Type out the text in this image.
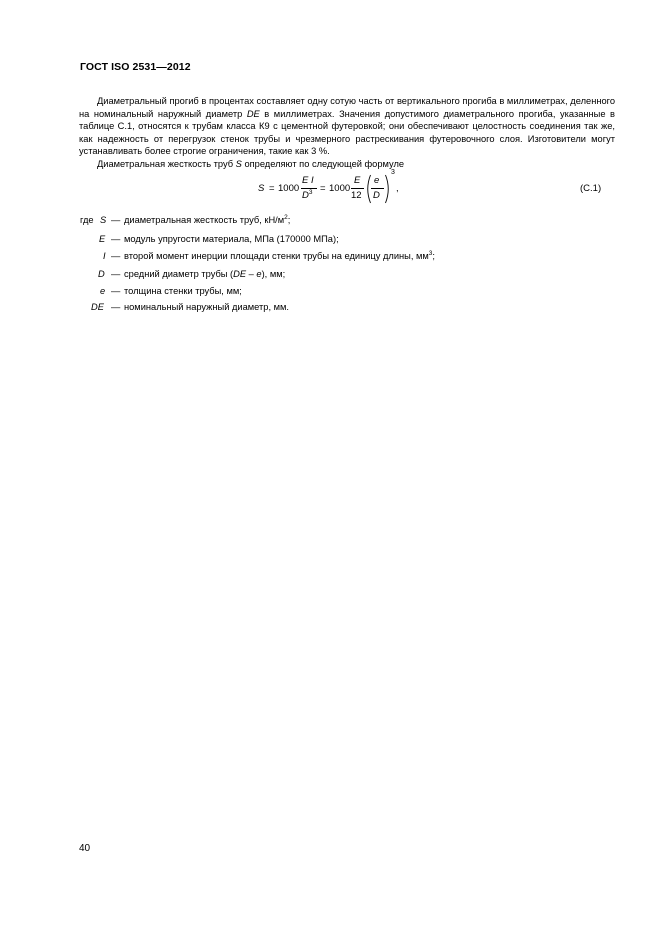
ГОСТ ISO 2531—2012

Диаметральный прогиб в процентах составляет одну сотую часть от вертикального прогиба в миллиметрах, деленного на номинальный наружный диаметр DE в миллиметрах. Значения допустимого диаметрального прогиба, указанные в таблице С.1, относятся к трубам класса К9 с цементной футеровкой; они обеспечивают целостность соединения так же, как надежность от перегрузок стенок трубы и чрезмерного растрескивания футеровочного слоя. Изготовители могут устанавливать более строгие ограничения, такие как 3 %.

Диаметральная жесткость труб S определяют по следующей формуле

S = 1000
E I
$D^3 = 1000$
E
12
e
D
3
,	(С.1)
где S — диаметральная жесткость труб, $кН/м^2$;
E — модуль упругости материала, МПа (170000 МПа);
I — второй момент инерции площади стенки трубы на единицу длины, $мм^3$;
D — средний диаметр трубы (DE – e), мм;
e — толщина стенки трубы, мм;
DE — номинальный наружный диаметр, мм.
40
